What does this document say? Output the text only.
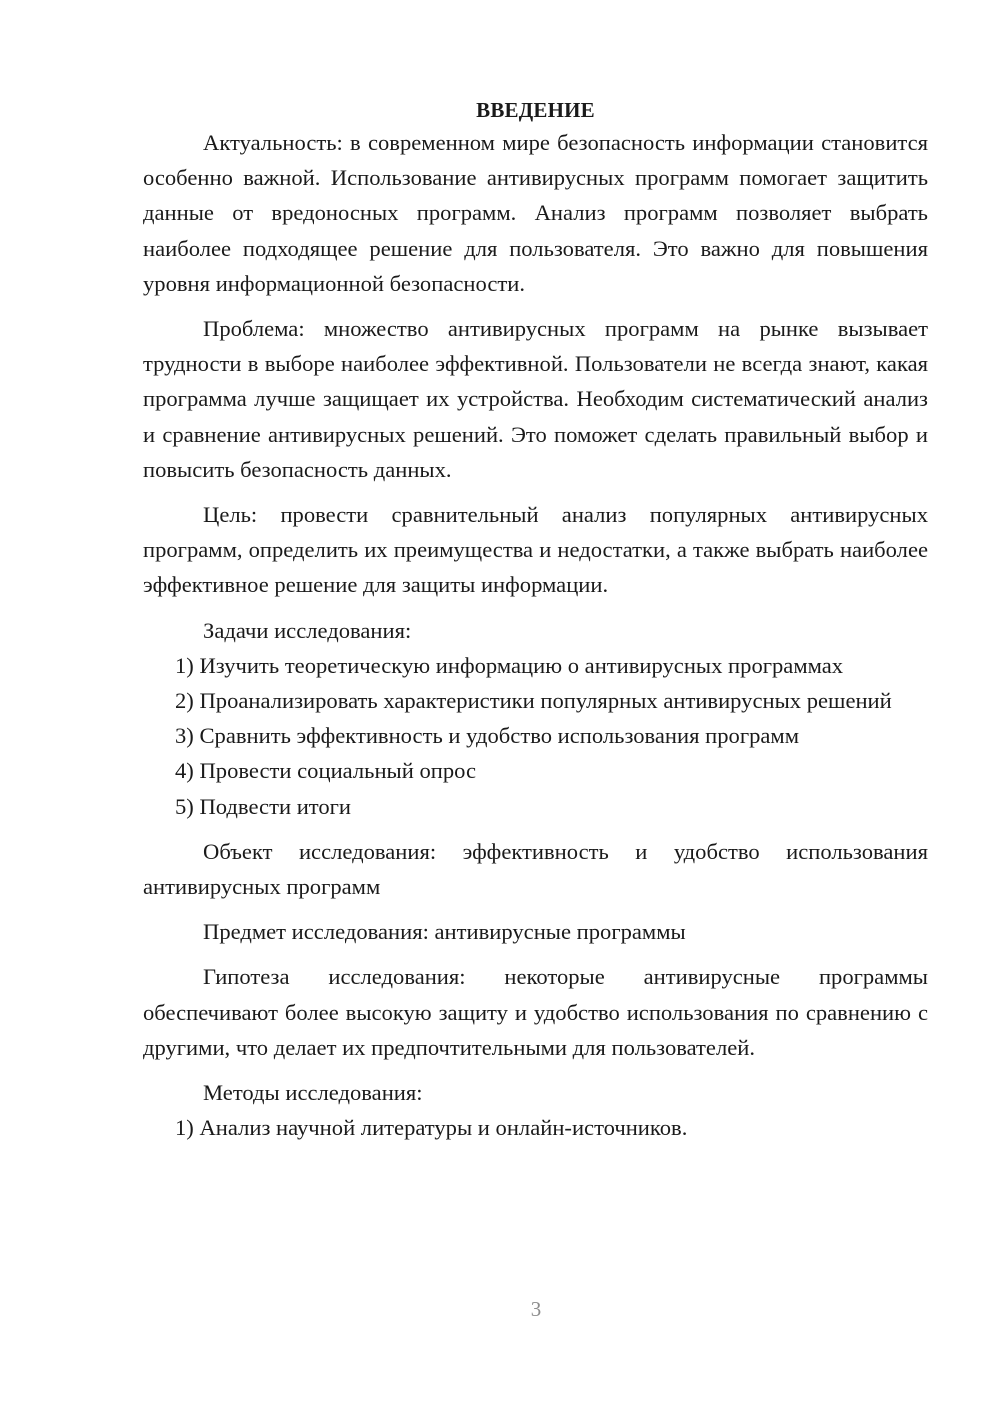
ВВЕДЕНИЕ

Актуальность: в современном мире безопасность информации становится особенно важной. Использование антивирусных программ помогает защитить данные от вредоносных программ. Анализ программ позволяет выбрать наиболее подходящее решение для пользователя. Это важно для повышения уровня информационной безопасности.

Проблема: множество антивирусных программ на рынке вызывает трудности в выборе наиболее эффективной. Пользователи не всегда знают, какая программа лучше защищает их устройства. Необходим систематический анализ и сравнение антивирусных решений. Это поможет сделать правильный выбор и повысить безопасность данных.

Цель: провести сравнительный анализ популярных антивирусных программ, определить их преимущества и недостатки, а также выбрать наиболее эффективное решение для защиты информации.

Задачи исследования:

1) Изучить теоретическую информацию о антивирусных программах

2) Проанализировать характеристики популярных антивирусных решений

3) Сравнить эффективность и удобство использования программ

4) Провести социальный опрос

5) Подвести итоги

Объект исследования: эффективность и удобство использования антивирусных программ

Предмет исследования: антивирусные программы

Гипотеза исследования: некоторые антивирусные программы обеспечивают более высокую защиту и удобство использования по сравнению с другими, что делает их предпочтительными для пользователей.

Методы исследования:

1) Анализ научной литературы и онлайн-источников.

3
